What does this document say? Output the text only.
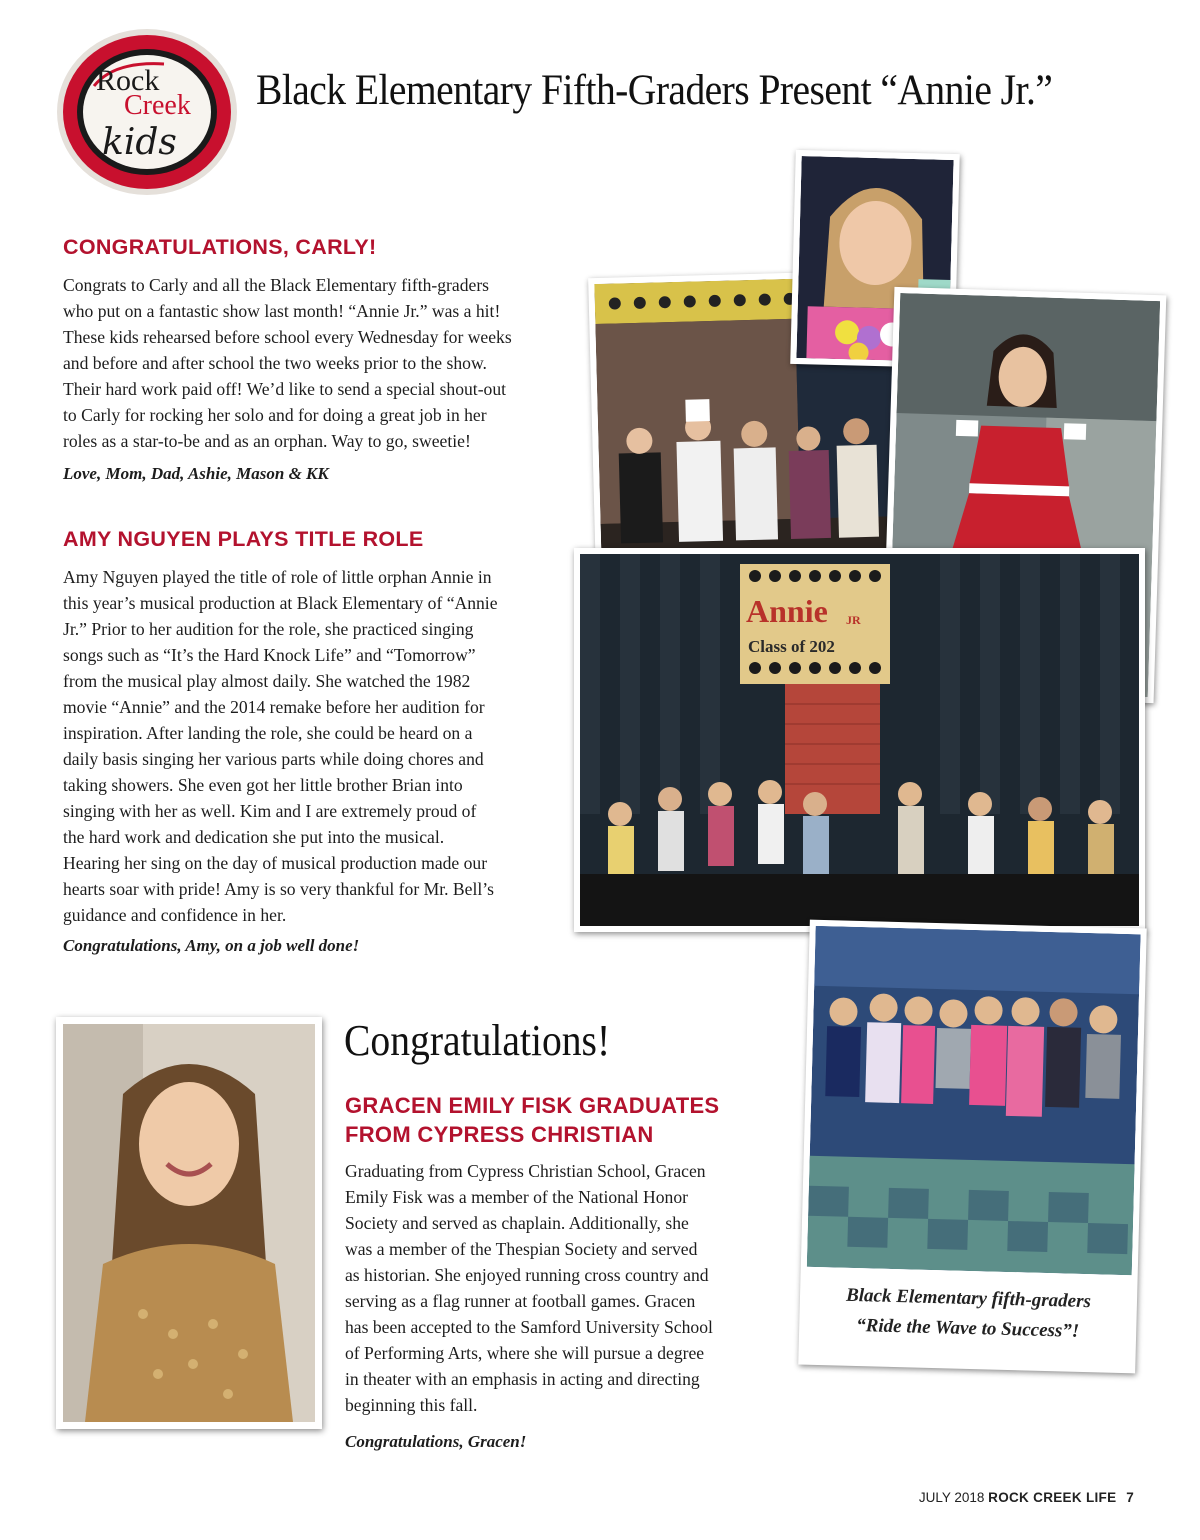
Rock
Creek
kids
Black Elementary Fifth-Graders Present “Annie Jr.”
CONGRATULATIONS, CARLY!
Congrats to Carly and all the Black Elementary fifth-graders
who put on a fantastic show last month! “Annie Jr.” was a hit!
These kids rehearsed before school every Wednesday for weeks
and before and after school the two weeks prior to the show.
Their hard work paid off! We’d like to send a special shout-out
to Carly for rocking her solo and for doing a great job in her
roles as a star-to-be and as an orphan. Way to go, sweetie!
Love, Mom, Dad, Ashie, Mason & KK
AMY NGUYEN PLAYS TITLE ROLE
Amy Nguyen played the title of role of little orphan Annie in
this year’s musical production at Black Elementary of “Annie
Jr.” Prior to her audition for the role, she practiced singing
songs such as “It’s the Hard Knock Life” and “Tomorrow”
from the musical play almost daily. She watched the 1982
movie “Annie” and the 2014 remake before her audition for
inspiration. After landing the role, she could be heard on a
daily basis singing her various parts while doing chores and
taking showers. She even got her little brother Brian into
singing with her as well. Kim and I are extremely proud of
the hard work and dedication she put into the musical.
Hearing her sing on the day of musical production made our
hearts soar with pride! Amy is so very thankful for Mr. Bell’s
guidance and confidence in her.
Congratulations, Amy, on a job well done!
Annie JR
Class of 202
Black Elementary fifth-graders
“Ride the Wave to Success”!
Congratulations!
GRACEN EMILY FISK GRADUATES
FROM CYPRESS CHRISTIAN
Graduating from Cypress Christian School, Gracen
Emily Fisk was a member of the National Honor
Society and served as chaplain. Additionally, she
was a member of the Thespian Society and served
as historian. She enjoyed running cross country and
serving as a flag runner at football games. Gracen
has been accepted to the Samford University School
of Performing Arts, where she will pursue a degree
in theater with an emphasis in acting and directing
beginning this fall.
Congratulations, Gracen!
JULY 2018 ROCK CREEK LIFE 7
